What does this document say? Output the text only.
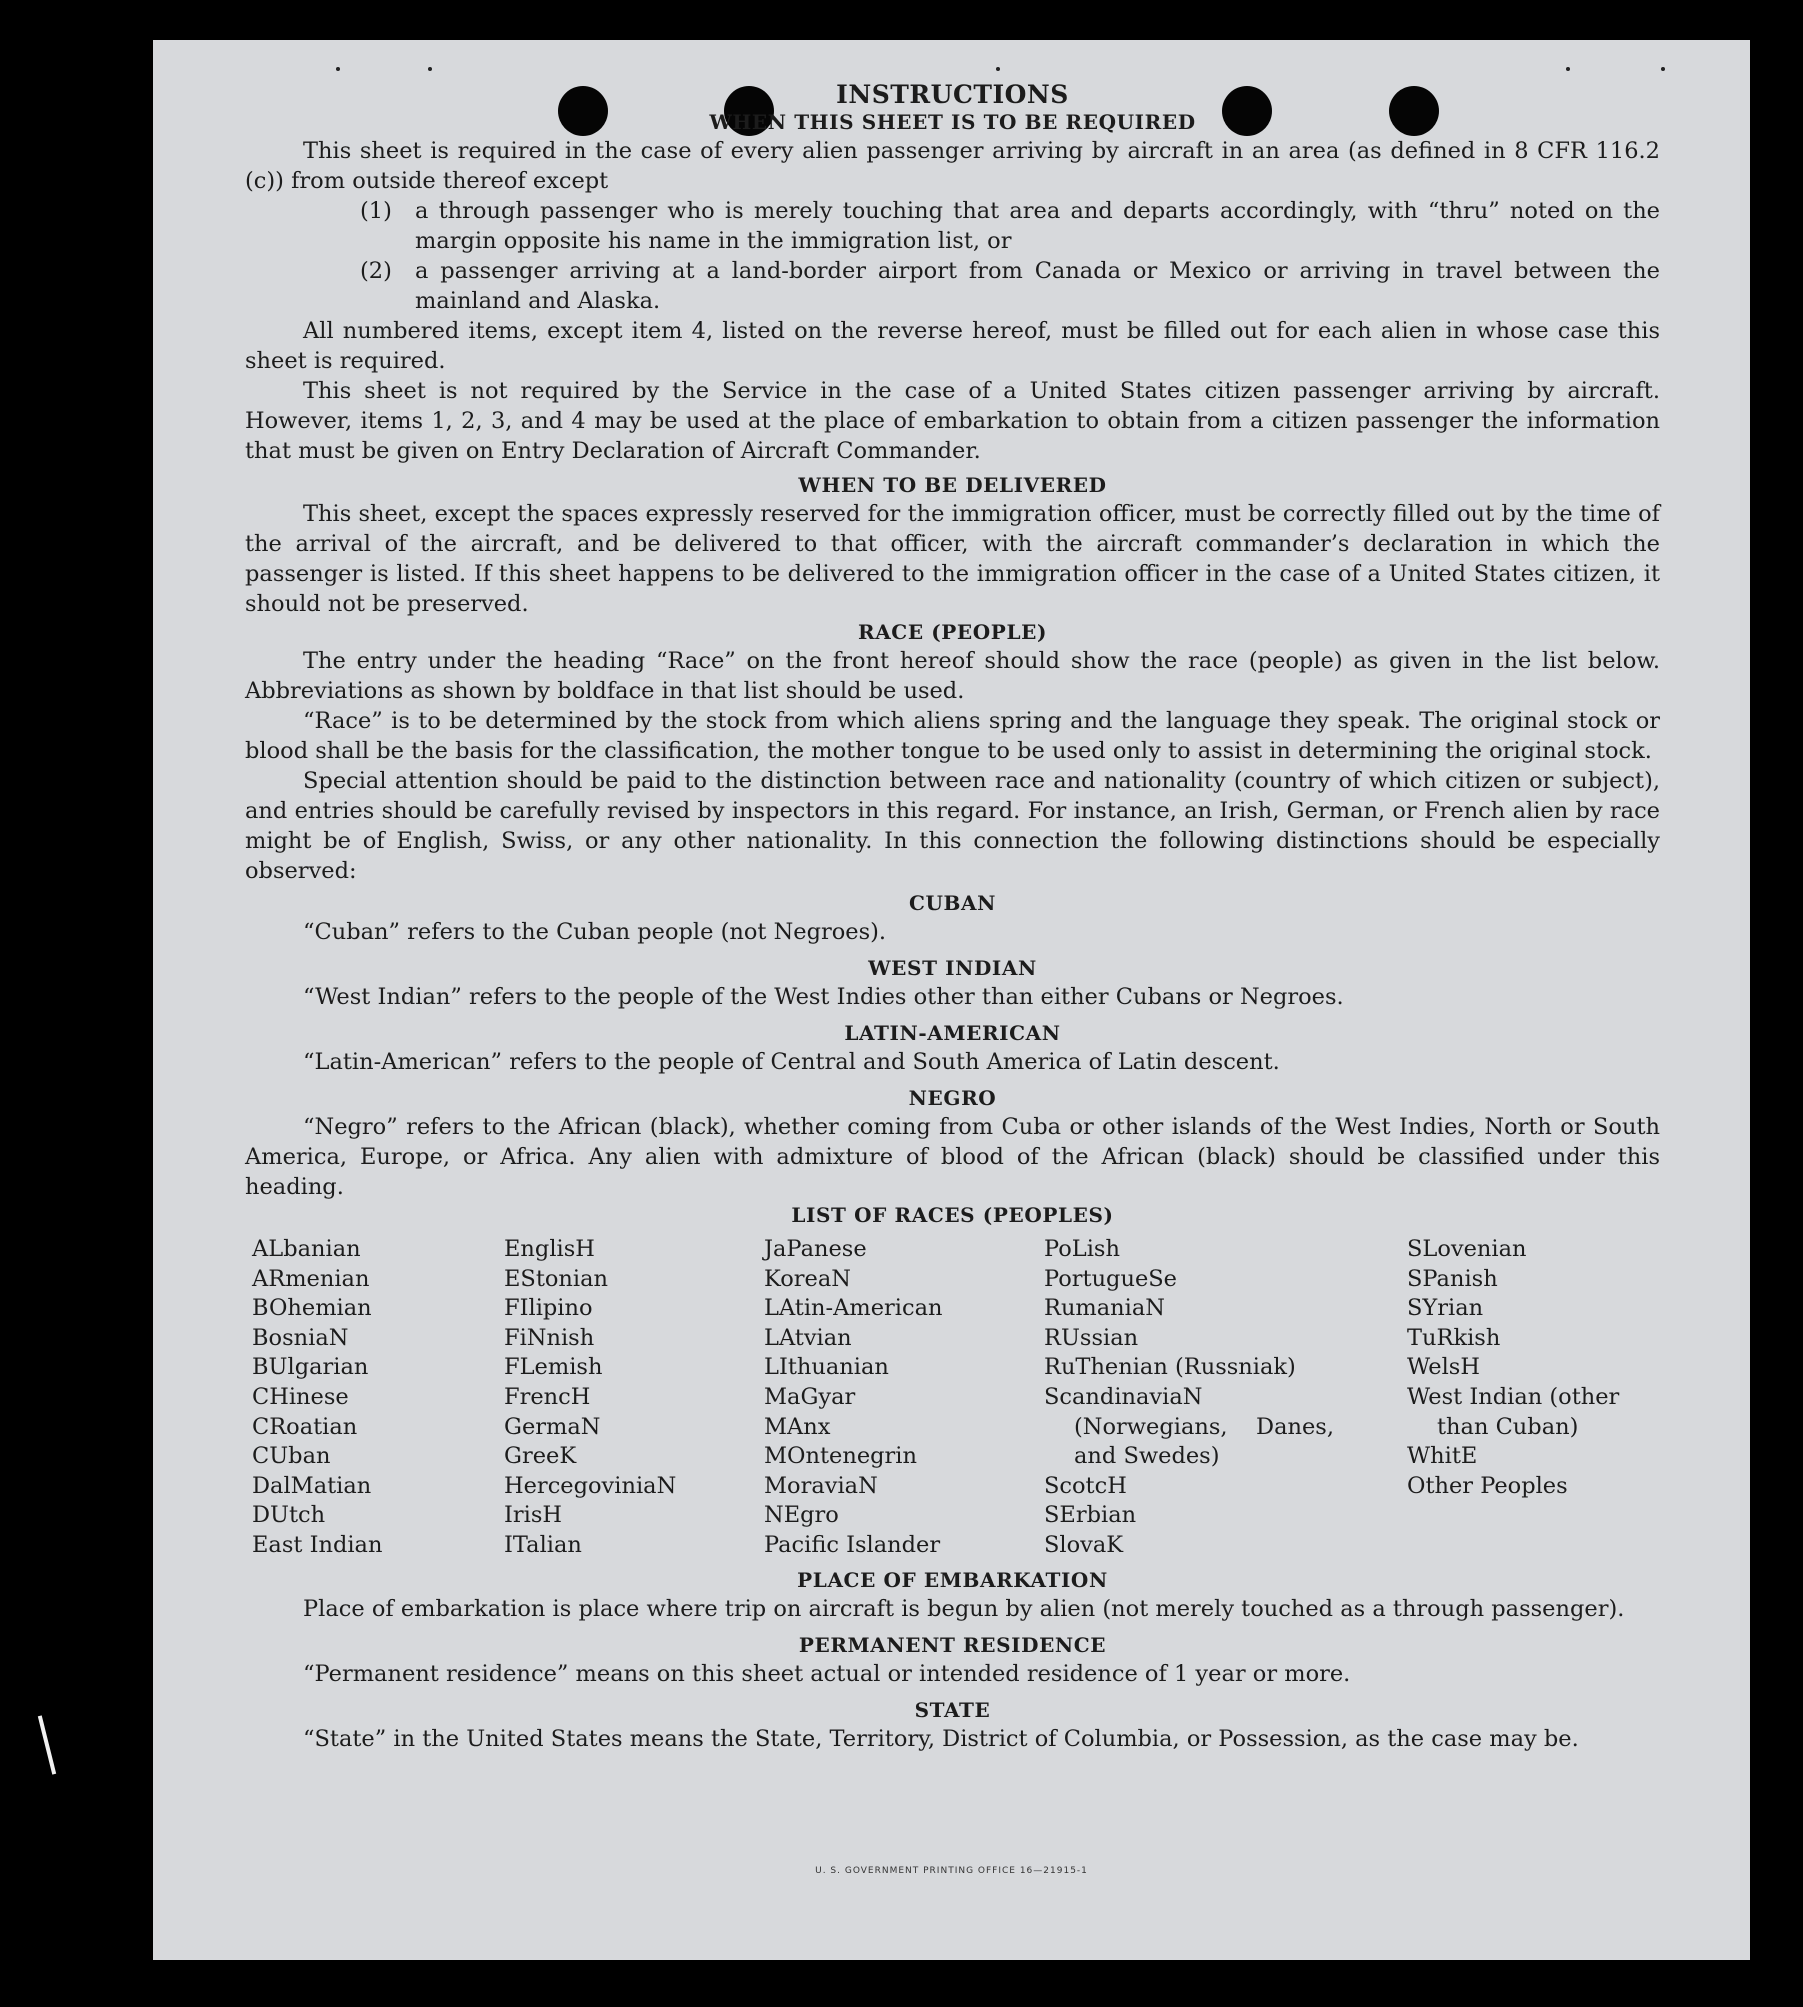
INSTRUCTIONS
WHEN THIS SHEET IS TO BE REQUIRED

This sheet is required in the case of every alien passenger arriving by aircraft in an area (as defined in 8 CFR 116.2 (c)) from outside thereof except

(1)	a through passenger who is merely touching that area and departs accordingly, with “thru” noted on the margin opposite his name in the immigration list, or
(2)	a passenger arriving at a land-border airport from Canada or Mexico or arriving in travel between the mainland and Alaska.

All numbered items, except item 4, listed on the reverse hereof, must be filled out for each alien in whose case this sheet is required.

This sheet is not required by the Service in the case of a United States citizen passenger arriving by aircraft. However, items 1, 2, 3, and 4 may be used at the place of embarkation to obtain from a citizen passenger the information that must be given on Entry Declaration of Aircraft Commander.

WHEN TO BE DELIVERED

This sheet, except the spaces expressly reserved for the immigration officer, must be correctly filled out by the time of the arrival of the aircraft, and be delivered to that officer, with the aircraft commander’s declaration in which the passenger is listed. If this sheet happens to be delivered to the immigration officer in the case of a United States citizen, it should not be preserved.

RACE (PEOPLE)

The entry under the heading “Race” on the front hereof should show the race (people) as given in the list below. Abbreviations as shown by boldface in that list should be used.

“Race” is to be determined by the stock from which aliens spring and the language they speak. The original stock or blood shall be the basis for the classification, the mother tongue to be used only to assist in determining the original stock.

Special attention should be paid to the distinction between race and nationality (country of which citizen or subject), and entries should be carefully revised by inspectors in this regard. For instance, an Irish, German, or French alien by race might be of English, Swiss, or any other nationality. In this connection the following distinctions should be especially observed:

CUBAN

“Cuban” refers to the Cuban people (not Negroes).

WEST INDIAN

“West Indian” refers to the people of the West Indies other than either Cubans or Negroes.

LATIN-AMERICAN

“Latin-American” refers to the people of Central and South America of Latin descent.

NEGRO

“Negro” refers to the African (black), whether coming from Cuba or other islands of the West Indies, North or South America, Europe, or Africa. Any alien with admixture of blood of the African (black) should be classified under this heading.

LIST OF RACES (PEOPLES)
ALbanian
ARmenian
BOhemian
BosniaN
BUlgarian
CHinese
CRoatian
CUban
DalMatian
DUtch
East Indian
EnglisH
EStonian
FIlipino
FiNnish
FLemish
FrencH
GermaN
GreeK
HercegoviniaN
IrisH
ITalian
JaPanese
KoreaN
LAtin-American
LAtvian
LIthuanian
MaGyar
MAnx
MOntenegrin
MoraviaN
NEgro
Pacific Islander
PoLish
PortugueSe
RumaniaN
RUssian
RuThenian (Russniak)
ScandinaviaN (Norwegians, Danes, and Swedes)
ScotcH
SErbian
SlovaK
SLovenian
SPanish
SYrian
TuRkish
WelsH
West Indian (other than Cuban)
WhitE
Other Peoples
PLACE OF EMBARKATION

Place of embarkation is place where trip on aircraft is begun by alien (not merely touched as a through passenger).

PERMANENT RESIDENCE

“Permanent residence” means on this sheet actual or intended residence of 1 year or more.

STATE

“State” in the United States means the State, Territory, District of Columbia, or Possession, as the case may be.

U. S. GOVERNMENT PRINTING OFFICE 16—21915-1
